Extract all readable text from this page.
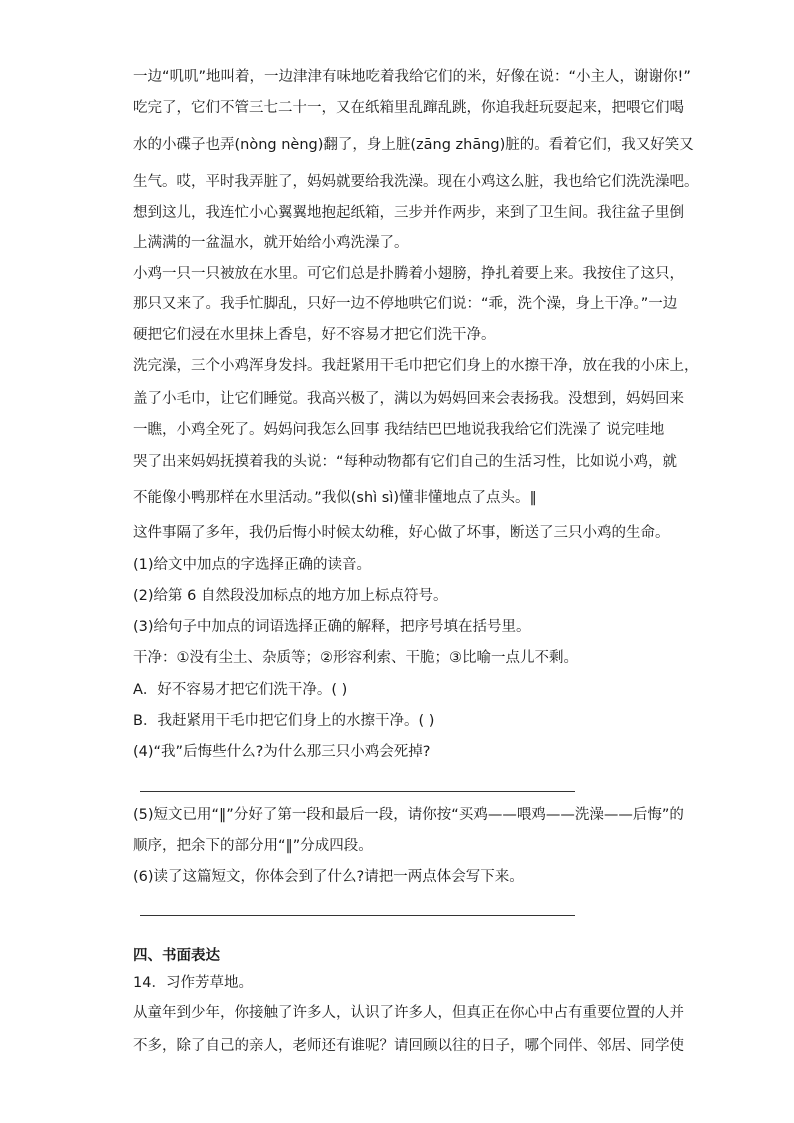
一边“叽叽”地叫着，一边津津有味地吃着我给它们的米，好像在说：“小主人，谢谢你!”
吃完了，它们不管三七二十一，又在纸箱里乱蹿乱跳，你追我赶玩耍起来，把喂它们喝
水的小碟子也弄(nòng nèng)翻了，身上脏(zāng zhāng)脏的。看着它们，我又好笑又
生气。哎，平时我弄脏了，妈妈就要给我洗澡。现在小鸡这么脏，我也给它们洗洗澡吧。
想到这儿，我连忙小心翼翼地抱起纸箱，三步并作两步，来到了卫生间。我往盆子里倒
上满满的一盆温水，就开始给小鸡洗澡了。
小鸡一只一只被放在水里。可它们总是扑腾着小翅膀，挣扎着要上来。我按住了这只，
那只又来了。我手忙脚乱，只好一边不停地哄它们说：“乖，洗个澡，身上干净。”一边
硬把它们浸在水里抹上香皂，好不容易才把它们洗干净。
洗完澡，三个小鸡浑身发抖。我赶紧用干毛巾把它们身上的水擦干净，放在我的小床上，
盖了小毛巾，让它们睡觉。我高兴极了，满以为妈妈回来会表扬我。没想到，妈妈回来
一瞧，小鸡全死了。妈妈问我怎么回事 我结结巴巴地说我我给它们洗澡了 说完哇地
哭了出来妈妈抚摸着我的头说：“每种动物都有它们自己的生活习性，比如说小鸡，就
不能像小鸭那样在水里活动。”我似(shì sì)懂非懂地点了点头。‖
这件事隔了多年，我仍后悔小时候太幼稚，好心做了坏事，断送了三只小鸡的生命。
(1)给文中加点的字选择正确的读音。
(2)给第 6 自然段没加标点的地方加上标点符号。
(3)给句子中加点的词语选择正确的解释，把序号填在括号里。
干净：①没有尘土、杂质等；②形容利索、干脆；③比喻一点儿不剩。
A．好不容易才把它们洗干净。( )
B．我赶紧用干毛巾把它们身上的水擦干净。( )
(4)“我”后悔些什么?为什么那三只小鸡会死掉?
(5)短文已用“‖”分好了第一段和最后一段，请你按“买鸡——喂鸡——洗澡——后悔”的
顺序，把余下的部分用“‖”分成四段。
(6)读了这篇短文，你体会到了什么?请把一两点体会写下来。
四、书面表达
14．习作芳草地。
从童年到少年，你接触了许多人，认识了许多人，但真正在你心中占有重要位置的人并
不多，除了自己的亲人，老师还有谁呢？请回顾以往的日子，哪个同伴、邻居、同学使
